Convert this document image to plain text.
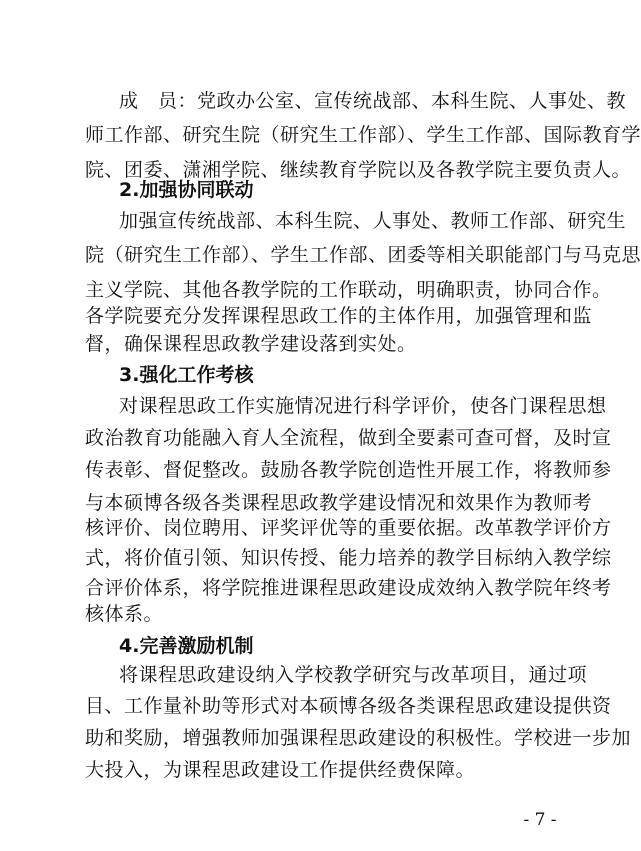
成　员：党政办公室、宣传统战部、本科生院、人事处、教
师工作部、研究生院（研究生工作部）、学生工作部、国际教育学
院、团委、潇湘学院、继续教育学院以及各教学院主要负责人。
2.加强协同联动
加强宣传统战部、本科生院、人事处、教师工作部、研究生
院（研究生工作部）、学生工作部、团委等相关职能部门与马克思
主义学院、其他各教学院的工作联动，明确职责，协同合作。
各学院要充分发挥课程思政工作的主体作用，加强管理和监
督，确保课程思政教学建设落到实处。
3.强化工作考核
对课程思政工作实施情况进行科学评价，使各门课程思想
政治教育功能融入育人全流程，做到全要素可查可督，及时宣
传表彰、督促整改。鼓励各教学院创造性开展工作，将教师参
与本硕博各级各类课程思政教学建设情况和效果作为教师考
核评价、岗位聘用、评奖评优等的重要依据。改革教学评价方
式，将价值引领、知识传授、能力培养的教学目标纳入教学综
合评价体系，将学院推进课程思政建设成效纳入教学院年终考
核体系。
4.完善激励机制
将课程思政建设纳入学校教学研究与改革项目，通过项
目、工作量补助等形式对本硕博各级各类课程思政建设提供资
助和奖励，增强教师加强课程思政建设的积极性。学校进一步加
大投入，为课程思政建设工作提供经费保障。
- 7 -
